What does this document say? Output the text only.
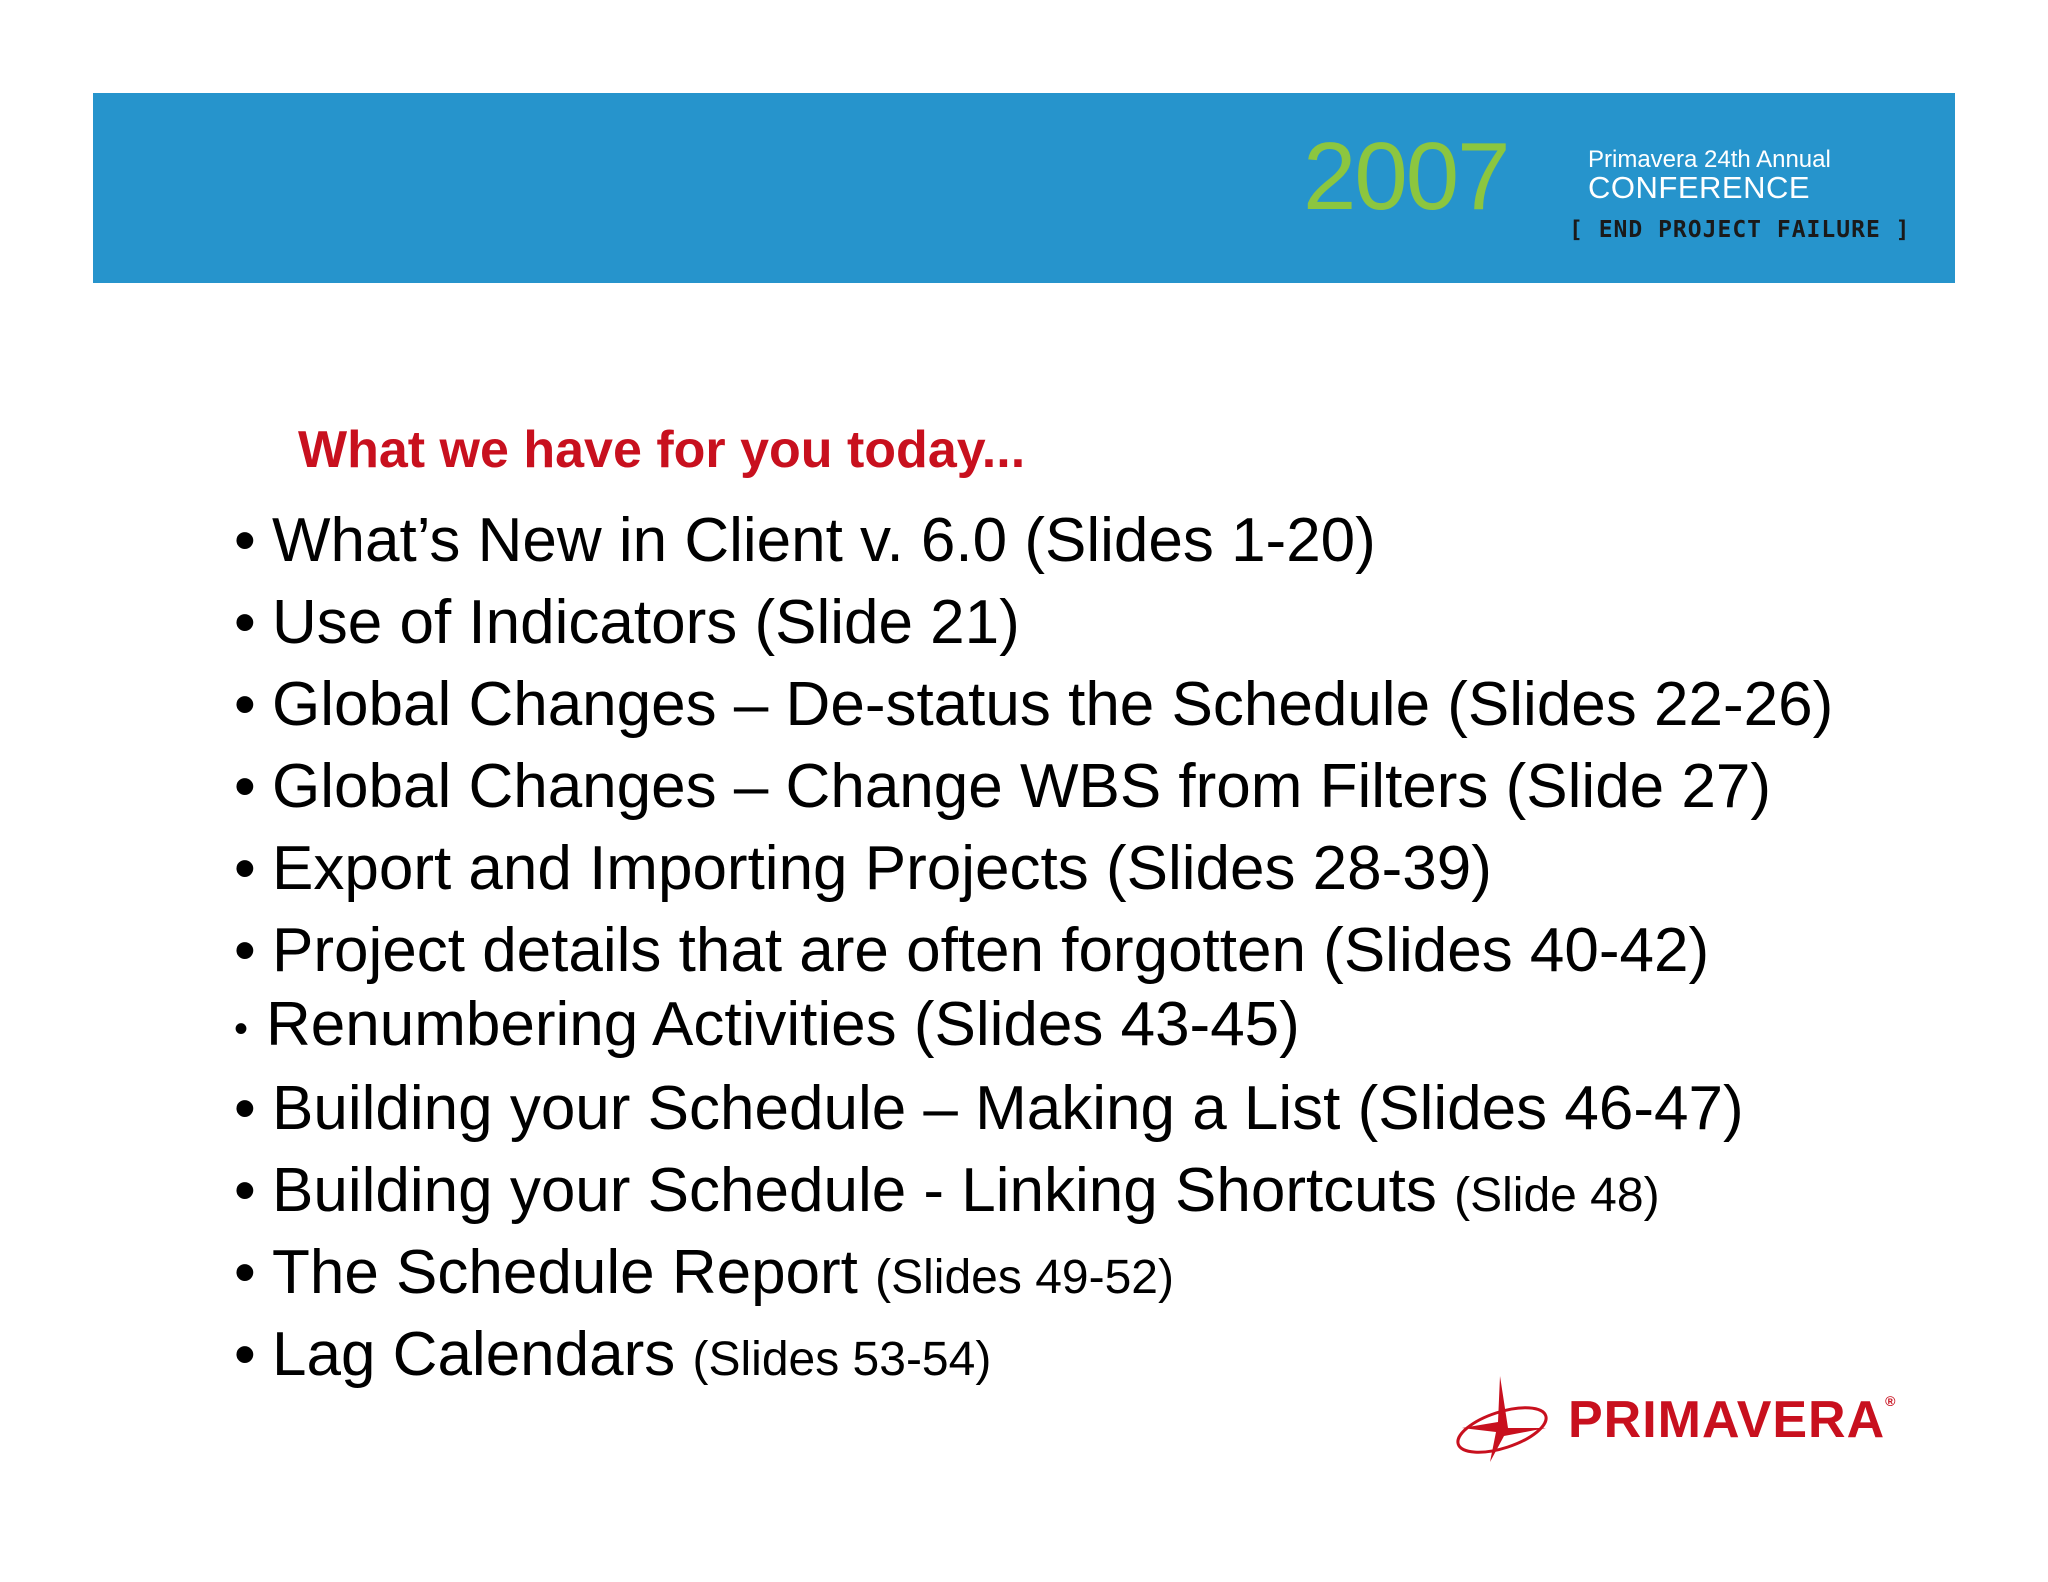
2007	Primavera 24th Annual
CONFERENCE
[ END PROJECT FAILURE ]
What we have for you today...
• What’s New in Client v. 6.0 (Slides 1-20)
• Use of Indicators (Slide 21)
• Global Changes – De-status the Schedule (Slides 22-26)
• Global Changes – Change WBS from Filters (Slide 27)
• Export and Importing Projects (Slides 28-39)
• Project details that are often forgotten (Slides 40-42)
• Renumbering Activities (Slides 43-45)
• Building your Schedule – Making a List (Slides 46-47)
• Building your Schedule - Linking Shortcuts (Slide 48)
• The Schedule Report (Slides 49-52)
• Lag Calendars (Slides 53-54)
PRIMAVERA®
